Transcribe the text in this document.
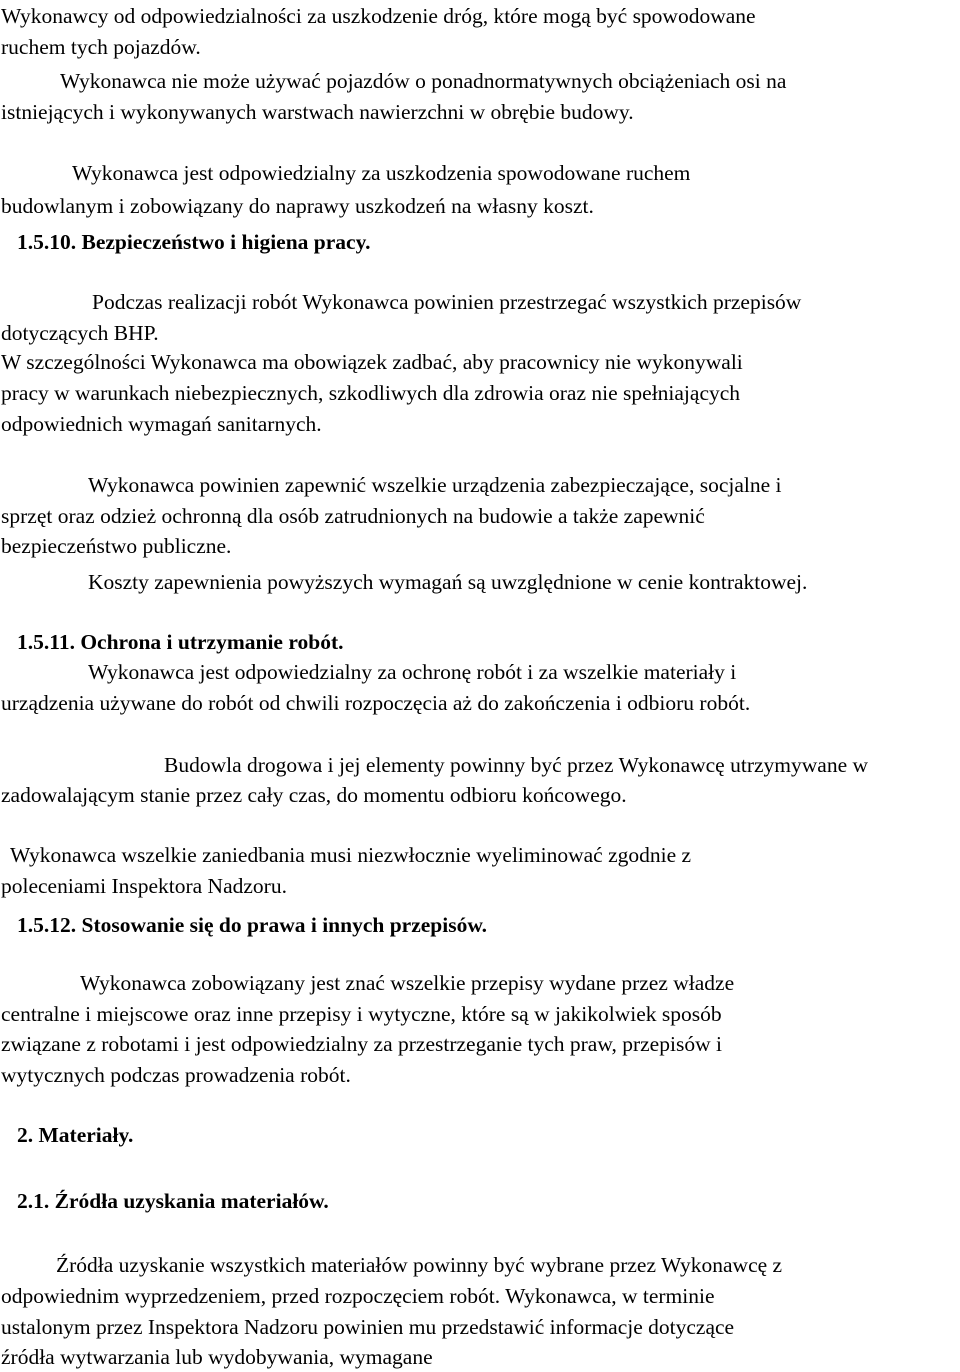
Wykonawcy od odpowiedzialności za uszkodzenie dróg, które mogą być spowodowane

ruchem tych pojazdów.

Wykonawca nie może używać pojazdów o ponadnormatywnych obciążeniach osi na

istniejących i wykonywanych warstwach nawierzchni w obrębie budowy.

Wykonawca jest odpowiedzialny za uszkodzenia spowodowane ruchem

budowlanym i zobowiązany do naprawy uszkodzeń na własny koszt.

1.5.10. Bezpieczeństwo i higiena pracy.

Podczas realizacji robót Wykonawca powinien przestrzegać wszystkich przepisów

dotyczących BHP.

W szczególności Wykonawca ma obowiązek zadbać, aby pracownicy nie wykonywali

pracy w warunkach niebezpiecznych, szkodliwych dla zdrowia oraz nie spełniających

odpowiednich wymagań sanitarnych.

Wykonawca powinien zapewnić wszelkie urządzenia zabezpieczające, socjalne i

sprzęt oraz odzież ochronną dla osób zatrudnionych na budowie a także zapewnić

bezpieczeństwo publiczne.

Koszty zapewnienia powyższych wymagań są uwzględnione w cenie kontraktowej.

1.5.11. Ochrona i utrzymanie robót.

Wykonawca jest odpowiedzialny za ochronę robót i za wszelkie materiały i

urządzenia używane do robót od chwili rozpoczęcia aż do zakończenia i odbioru robót.

Budowla drogowa i jej elementy powinny być przez Wykonawcę utrzymywane w

zadowalającym stanie przez cały czas, do momentu odbioru końcowego.

Wykonawca wszelkie zaniedbania musi niezwłocznie wyeliminować zgodnie z

poleceniami Inspektora Nadzoru.

1.5.12. Stosowanie się do prawa i innych przepisów.

Wykonawca zobowiązany jest znać wszelkie przepisy wydane przez władze

centralne i miejscowe oraz inne przepisy i wytyczne, które są w jakikolwiek sposób

związane z robotami i jest odpowiedzialny za przestrzeganie tych praw, przepisów i

wytycznych podczas prowadzenia robót.

2. Materiały.

2.1. Źródła uzyskania materiałów.

Źródła uzyskanie wszystkich materiałów powinny być wybrane przez Wykonawcę z

odpowiednim wyprzedzeniem, przed rozpoczęciem robót. Wykonawca, w terminie

ustalonym przez Inspektora Nadzoru powinien mu przedstawić informacje dotyczące

źródła wytwarzania lub wydobywania, wymagane
